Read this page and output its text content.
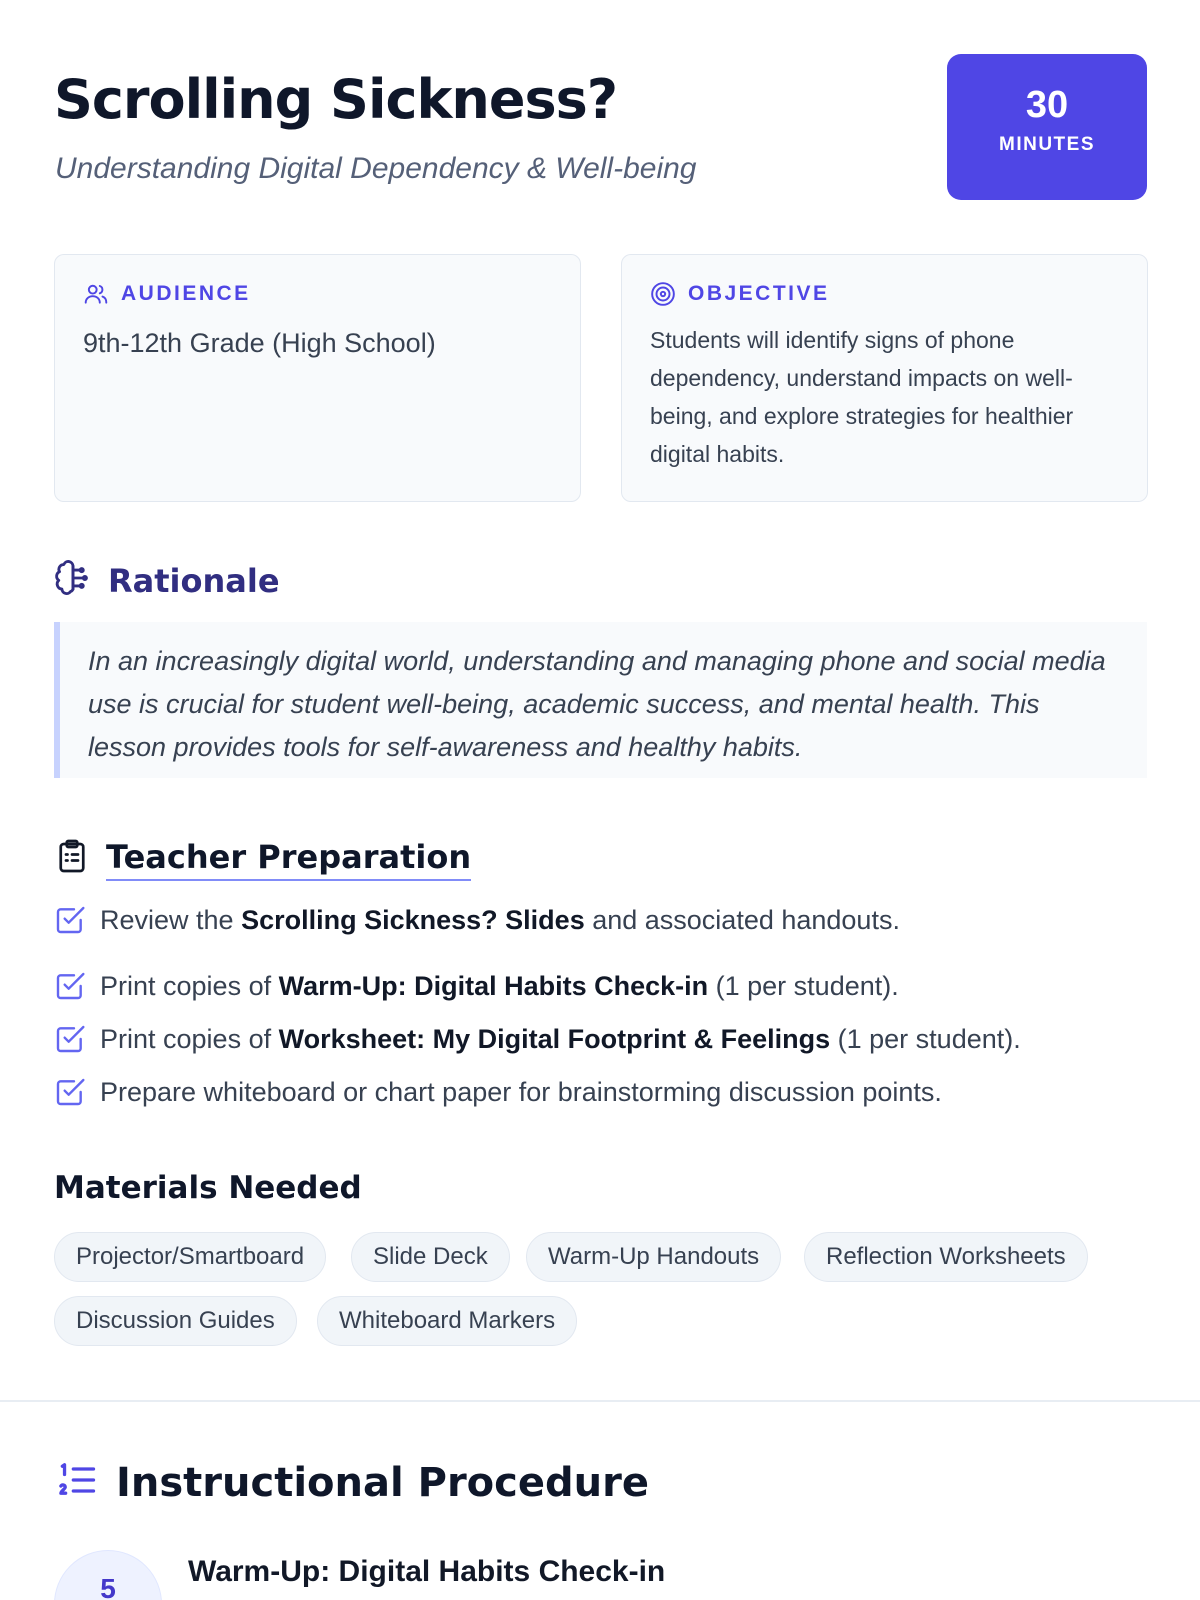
Scrolling Sickness?
Understanding Digital Dependency & Well-being
30
MINUTES
AUDIENCE
9th-12th Grade (High School)
OBJECTIVE
Students will identify signs of phone dependency, understand impacts on well-being, and explore strategies for healthier digital habits.
Rationale

In an increasingly digital world, understanding and managing phone and social media use is crucial for student well-being, academic success, and mental health. This lesson provides tools for self-awareness and healthy habits.

Teacher Preparation
Review the Scrolling Sickness? Slides and associated handouts.
Print copies of Warm-Up: Digital Habits Check-in (1 per student).
Print copies of Worksheet: My Digital Footprint & Feelings (1 per student).
Prepare whiteboard or chart paper for brainstorming discussion points.
Materials Needed
Projector/Smartboard	Slide Deck	Warm-Up Handouts	Reflection Worksheets
Discussion Guides	Whiteboard Markers
Instructional Procedure
5
Warm-Up: Digital Habits Check-in
